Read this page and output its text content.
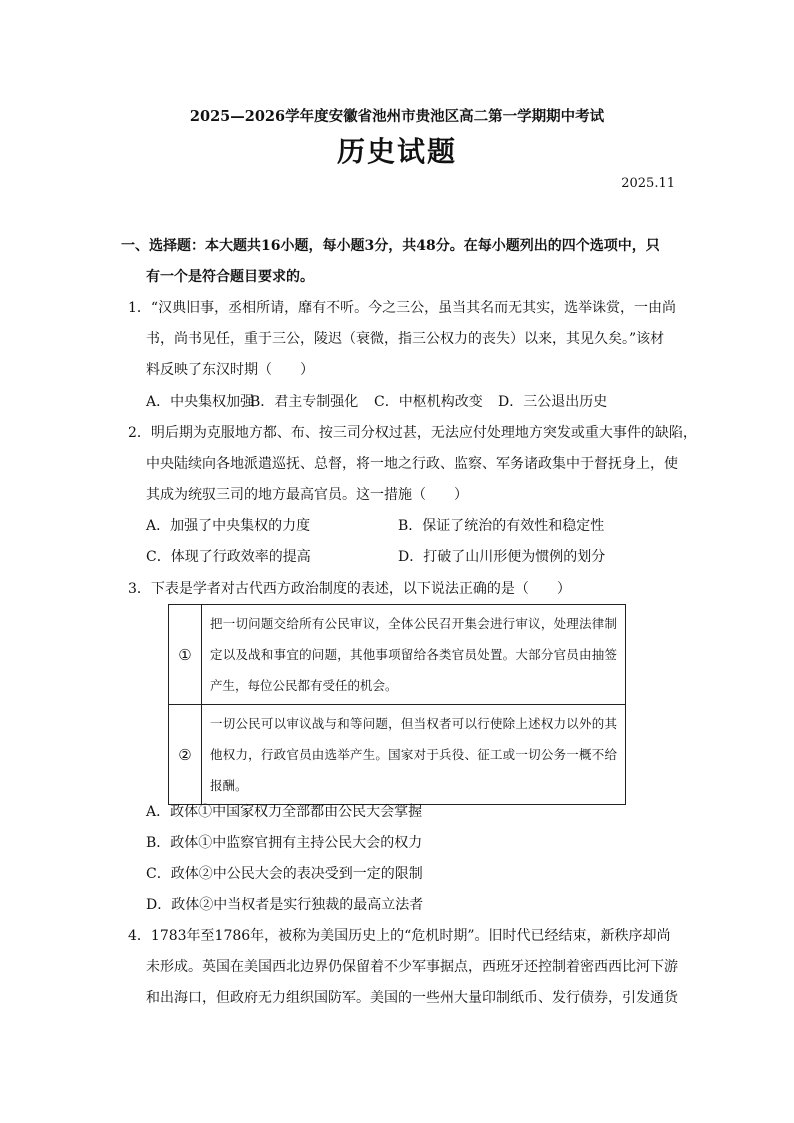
2025—2026学年度安徽省池州市贵池区高二第一学期期中考试
历史试题
2025.11
一、选择题：本大题共16小题，每小题3分，共48分。在每小题列出的四个选项中，只
有一个是符合题目要求的。
1．“汉典旧事，丞相所请，靡有不听。今之三公，虽当其名而无其实，选举诛赏，一由尚
书，尚书见任，重于三公，陵迟（衰微，指三公权力的丧失）以来，其见久矣。”该材
料反映了东汉时期（　　）
A．中央集权加强B．君主专制强化 C．中枢机构改变 D．三公退出历史
2．明后期为克服地方都、布、按三司分权过甚，无法应付处理地方突发或重大事件的缺陷，
中央陆续向各地派遣巡抚、总督，将一地之行政、监察、军务诸政集中于督抚身上，使
其成为统驭三司的地方最高官员。这一措施（　　）
A．加强了中央集权的力度	B．保证了统治的有效性和稳定性
C．体现了行政效率的提高	D．打破了山川形便为惯例的划分
3．下表是学者对古代西方政治制度的表述，以下说法正确的是（　　）
①	把一切问题交给所有公民审议，全体公民召开集会进行审议，处理法律制定以及战和事宜的问题，其他事项留给各类官员处置。大部分官员由抽签产生，每位公民都有受任的机会。
②	一切公民可以审议战与和等问题，但当权者可以行使除上述权力以外的其他权力，行政官员由选举产生。国家对于兵役、征工或一切公务一概不给报酬。
A．政体①中国家权力全部都由公民大会掌握
B．政体①中监察官拥有主持公民大会的权力
C．政体②中公民大会的表决受到一定的限制
D．政体②中当权者是实行独裁的最高立法者
4．1783年至1786年，被称为美国历史上的“危机时期”。旧时代已经结束，新秩序却尚
未形成。英国在美国西北边界仍保留着不少军事据点，西班牙还控制着密西西比河下游
和出海口，但政府无力组织国防军。美国的一些州大量印制纸币、发行债券，引发通货
